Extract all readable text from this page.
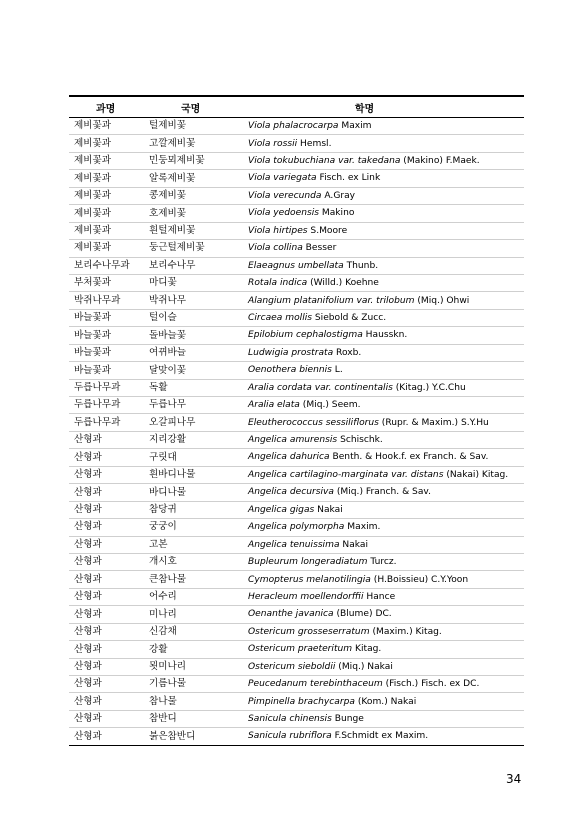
과명	국명	학명
제비꽃과	털제비꽃	Viola phalacrocarpa Maxim
제비꽃과	고깔제비꽃	Viola rossii Hemsl.
제비꽃과	민둥뫼제비꽃	Viola tokubuchiana var. takedana (Makino) F.Maek.
제비꽃과	알록제비꽃	Viola variegata Fisch. ex Link
제비꽃과	콩제비꽃	Viola verecunda A.Gray
제비꽃과	호제비꽃	Viola yedoensis Makino
제비꽃과	흰털제비꽃	Viola hirtipes S.Moore
제비꽃과	둥근털제비꽃	Viola collina Besser
보리수나무과	보리수나무	Elaeagnus umbellata Thunb.
부처꽃과	마디꽃	Rotala indica (Willd.) Koehne
박쥐나무과	박쥐나무	Alangium platanifolium var. trilobum (Miq.) Ohwi
바늘꽃과	털이슬	Circaea mollis Siebold & Zucc.
바늘꽃과	돌바늘꽃	Epilobium cephalostigma Hausskn.
바늘꽃과	여뀌바늘	Ludwigia prostrata Roxb.
바늘꽃과	달맞이꽃	Oenothera biennis L.
두릅나무과	독활	Aralia cordata var. continentalis (Kitag.) Y.C.Chu
두릅나무과	두릅나무	Aralia elata (Miq.) Seem.
두릅나무과	오갈피나무	Eleutherococcus sessiliflorus (Rupr. & Maxim.) S.Y.Hu
산형과	지리강활	Angelica amurensis Schischk.
산형과	구릿대	Angelica dahurica Benth. & Hook.f. ex Franch. & Sav.
산형과	흰바디나물	Angelica cartilagino-marginata var. distans (Nakai) Kitag.
산형과	바디나물	Angelica decursiva (Miq.) Franch. & Sav.
산형과	참당귀	Angelica gigas Nakai
산형과	궁궁이	Angelica polymorpha Maxim.
산형과	고본	Angelica tenuissima Nakai
산형과	개시호	Bupleurum longeradiatum Turcz.
산형과	큰참나물	Cymopterus melanotilingia (H.Boissieu) C.Y.Yoon
산형과	어수리	Heracleum moellendorffii Hance
산형과	미나리	Oenanthe javanica (Blume) DC.
산형과	신감채	Ostericum grosseserratum (Maxim.) Kitag.
산형과	강활	Ostericum praeteritum Kitag.
산형과	묏미나리	Ostericum sieboldii (Miq.) Nakai
산형과	기름나물	Peucedanum terebinthaceum (Fisch.) Fisch. ex DC.
산형과	참나물	Pimpinella brachycarpa (Kom.) Nakai
산형과	참반디	Sanicula chinensis Bunge
산형과	붉은참반디	Sanicula rubriflora F.Schmidt ex Maxim.
34
